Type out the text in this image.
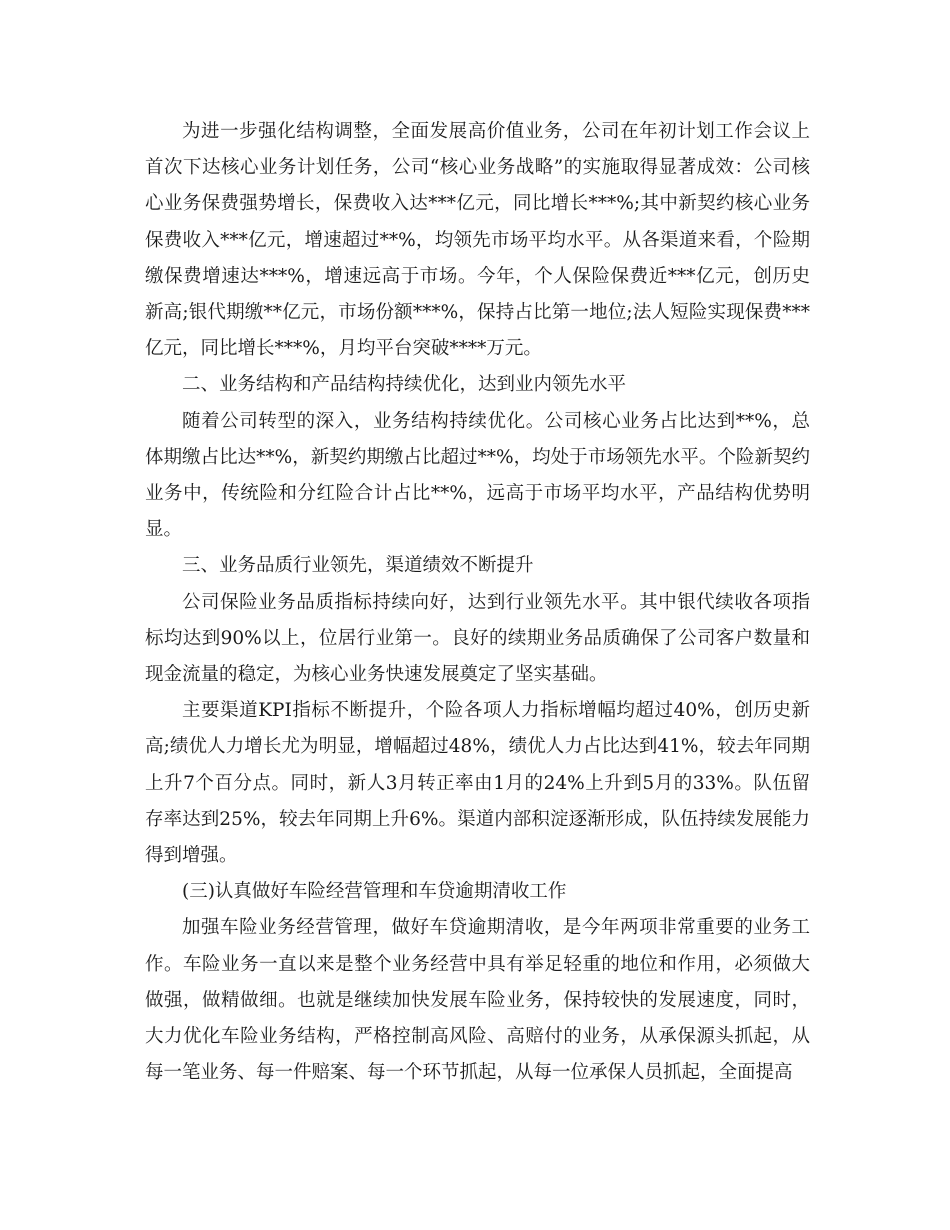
为进一步强化结构调整，全面发展高价值业务，公司在年初计划工作会议上首次下达核心业务计划任务，公司“核心业务战略”的实施取得显著成效：公司核心业务保费强势增长，保费收入达***亿元，同比增长***%;其中新契约核心业务保费收入***亿元，增速超过**%，均领先市场平均水平。从各渠道来看，个险期缴保费增速达***%，增速远高于市场。今年，个人保险保费近***亿元，创历史新高;银代期缴**亿元，市场份额***%，保持占比第一地位;法人短险实现保费***亿元，同比增长***%，月均平台突破****万元。

二、业务结构和产品结构持续优化，达到业内领先水平

随着公司转型的深入，业务结构持续优化。公司核心业务占比达到**%，总体期缴占比达**%，新契约期缴占比超过**%，均处于市场领先水平。个险新契约业务中，传统险和分红险合计占比**%，远高于市场平均水平，产品结构优势明显。

三、业务品质行业领先，渠道绩效不断提升

公司保险业务品质指标持续向好，达到行业领先水平。其中银代续收各项指标均达到90%以上，位居行业第一。良好的续期业务品质确保了公司客户数量和现金流量的稳定，为核心业务快速发展奠定了坚实基础。

主要渠道KPI指标不断提升，个险各项人力指标增幅均超过40%，创历史新高;绩优人力增长尤为明显，增幅超过48%，绩优人力占比达到41%，较去年同期上升7个百分点。同时，新人3月转正率由1月的24%上升到5月的33%。队伍留存率达到25%，较去年同期上升6%。渠道内部积淀逐渐形成，队伍持续发展能力得到增强。

(三)认真做好车险经营管理和车贷逾期清收工作

加强车险业务经营管理，做好车贷逾期清收，是今年两项非常重要的业务工作。车险业务一直以来是整个业务经营中具有举足轻重的地位和作用，必须做大做强，做精做细。也就是继续加快发展车险业务，保持较快的发展速度，同时，大力优化车险业务结构，严格控制高风险、高赔付的业务，从承保源头抓起，从每一笔业务、每一件赔案、每一个环节抓起，从每一位承保人员抓起，全面提高
